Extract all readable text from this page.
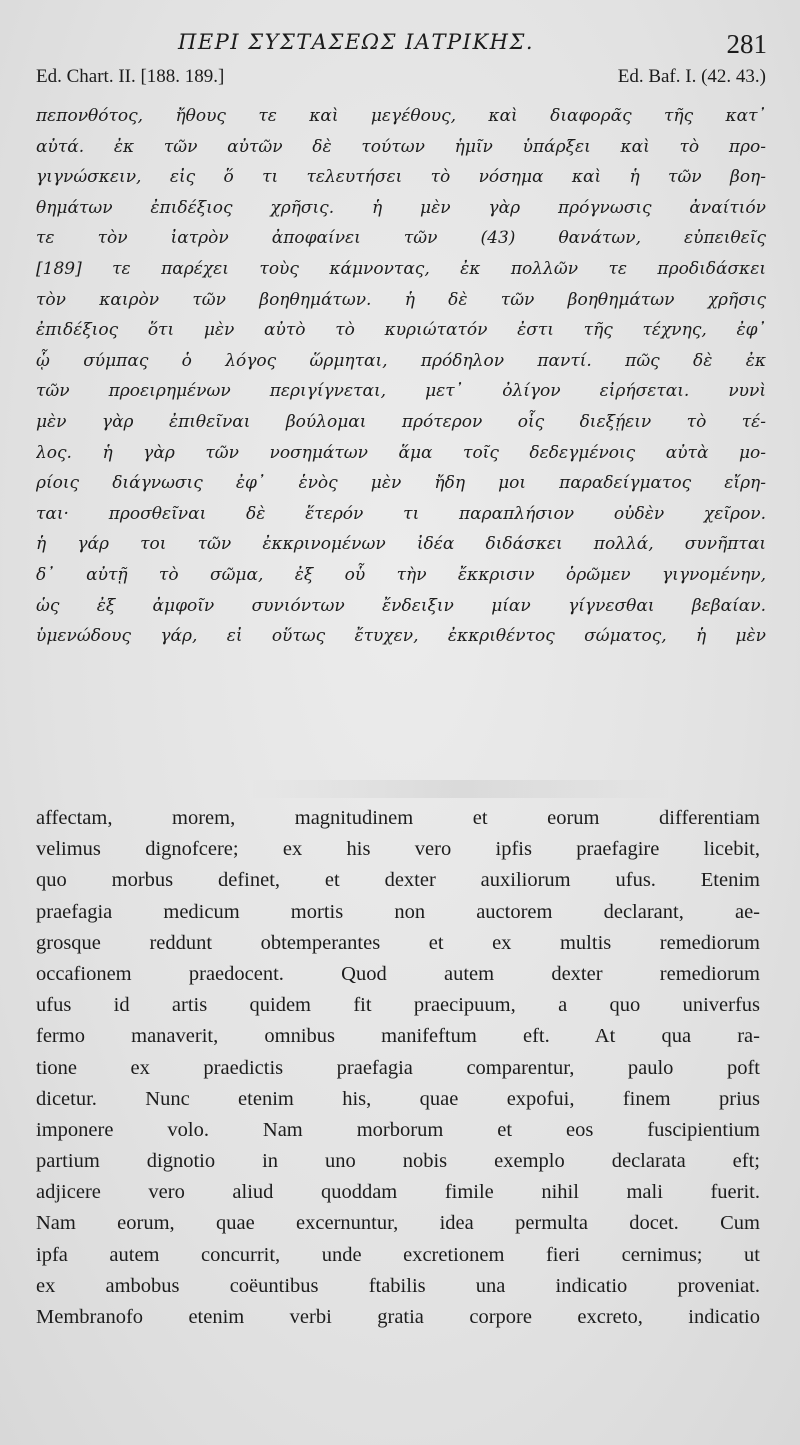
ΠΕΡΙ ΣΥΣΤΑΣΕΩΣ ΙΑΤΡΙΚΗΣ.	281
Ed. Chart. II. [188. 189.]	Ed. Baf. I. (42. 43.)
πεπονθότος, ἤθους τε καὶ μεγέθους, καὶ διαφορᾶς τῆς κατ᾽
αὐτά. ἐκ τῶν αὐτῶν δὲ τούτων ἡμῖν ὑπάρξει καὶ τὸ προ-
γιγνώσκειν, εἰς ὅ τι τελευτήσει τὸ νόσημα καὶ ἡ τῶν βοη-
θημάτων ἐπιδέξιος χρῆσις. ἡ μὲν γὰρ πρόγνωσις ἀναίτιόν
τε τὸν ἰατρὸν ἀποφαίνει τῶν (43) θανάτων, εὐπειθεῖς
[189] τε παρέχει τοὺς κάμνοντας, ἐκ πολλῶν τε προδιδάσκει
τὸν καιρὸν τῶν βοηθημάτων. ἡ δὲ τῶν βοηθημάτων χρῆσις
ἐπιδέξιος ὅτι μὲν αὐτὸ τὸ κυριώτατόν ἐστι τῆς τέχνης, ἐφ᾽
ᾧ σύμπας ὁ λόγος ὥρμηται, πρόδηλον παντί. πῶς δὲ ἐκ
τῶν προειρημένων περιγίγνεται, μετ᾽ ὀλίγον εἰρήσεται. νυνὶ
μὲν γὰρ ἐπιθεῖναι βούλομαι πρότερον οἷς διεξῄειν τὸ τέ-
λος. ἡ γὰρ τῶν νοσημάτων ἅμα τοῖς δεδεγμένοις αὐτὰ μο-
ρίοις διάγνωσις ἐφ᾽ ἑνὸς μὲν ἤδη μοι παραδείγματος εἴρη-
ται· προσθεῖναι δὲ ἕτερόν τι παραπλήσιον οὐδὲν χεῖρον.
ἡ γάρ τοι τῶν ἐκκρινομένων ἰδέα διδάσκει πολλά, συνῆπται
δ᾽ αὐτῇ τὸ σῶμα, ἐξ οὗ τὴν ἔκκρισιν ὁρῶμεν γιγνομένην,
ὡς ἐξ ἀμφοῖν συνιόντων ἔνδειξιν μίαν γίγνεσθαι βεβαίαν.
ὑμενώδους γάρ, εἰ οὕτως ἔτυχεν, ἐκκριθέντος σώματος, ἡ μὲν
affectam, morem, magnitudinem et eorum differentiam
velimus dignofcere; ex his vero ipfis praefagire licebit,
quo morbus definet, et dexter auxiliorum ufus. Etenim
praefagia medicum mortis non auctorem declarant, ae-
grosque reddunt obtemperantes et ex multis remediorum
occafionem praedocent. Quod autem dexter remediorum
ufus id artis quidem fit praecipuum, a quo univerfus
fermo manaverit, omnibus manifeftum eft. At qua ra-
tione ex praedictis praefagia comparentur, paulo poft
dicetur. Nunc etenim his, quae expofui, finem prius
imponere volo. Nam morborum et eos fuscipientium
partium dignotio in uno nobis exemplo declarata eft;
adjicere vero aliud quoddam fimile nihil mali fuerit.
Nam eorum, quae excernuntur, idea permulta docet. Cum
ipfa autem concurrit, unde excretionem fieri cernimus; ut
ex ambobus coëuntibus ftabilis una indicatio proveniat.
Membranofo etenim verbi gratia corpore excreto, indicatio
